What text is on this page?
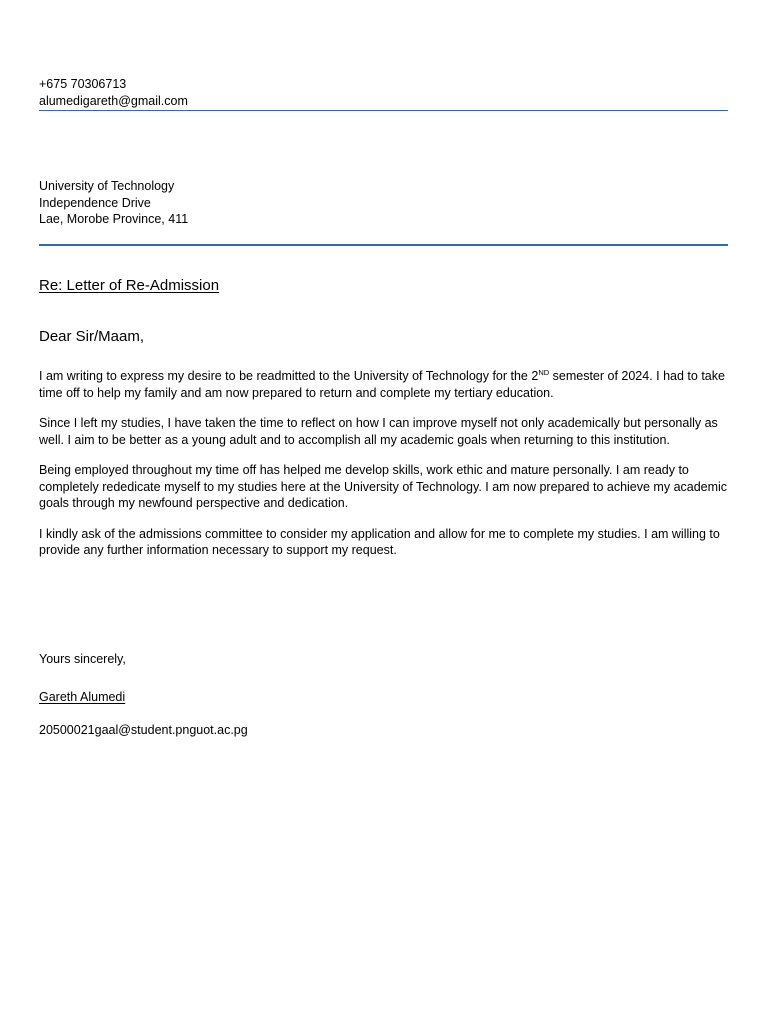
+675 70306713
alumedigareth@gmail.com
University of Technology
Independence Drive
Lae, Morobe Province, 411
Re: Letter of Re-Admission
Dear Sir/Maam,

I am writing to express my desire to be readmitted to the University of Technology for the 2ND semester of 2024. I had to take time off to help my family and am now prepared to return and complete my tertiary education.

Since I left my studies, I have taken the time to reflect on how I can improve myself not only academically but personally as well. I aim to be better as a young adult and to accomplish all my academic goals when returning to this institution.

Being employed throughout my time off has helped me develop skills, work ethic and mature personally. I am ready to completely rededicate myself to my studies here at the University of Technology. I am now prepared to achieve my academic goals through my newfound perspective and dedication.

I kindly ask of the admissions committee to consider my application and allow for me to complete my studies. I am willing to provide any further information necessary to support my request.

Yours sincerely,
Gareth Alumedi
20500021gaal@student.pnguot.ac.pg
